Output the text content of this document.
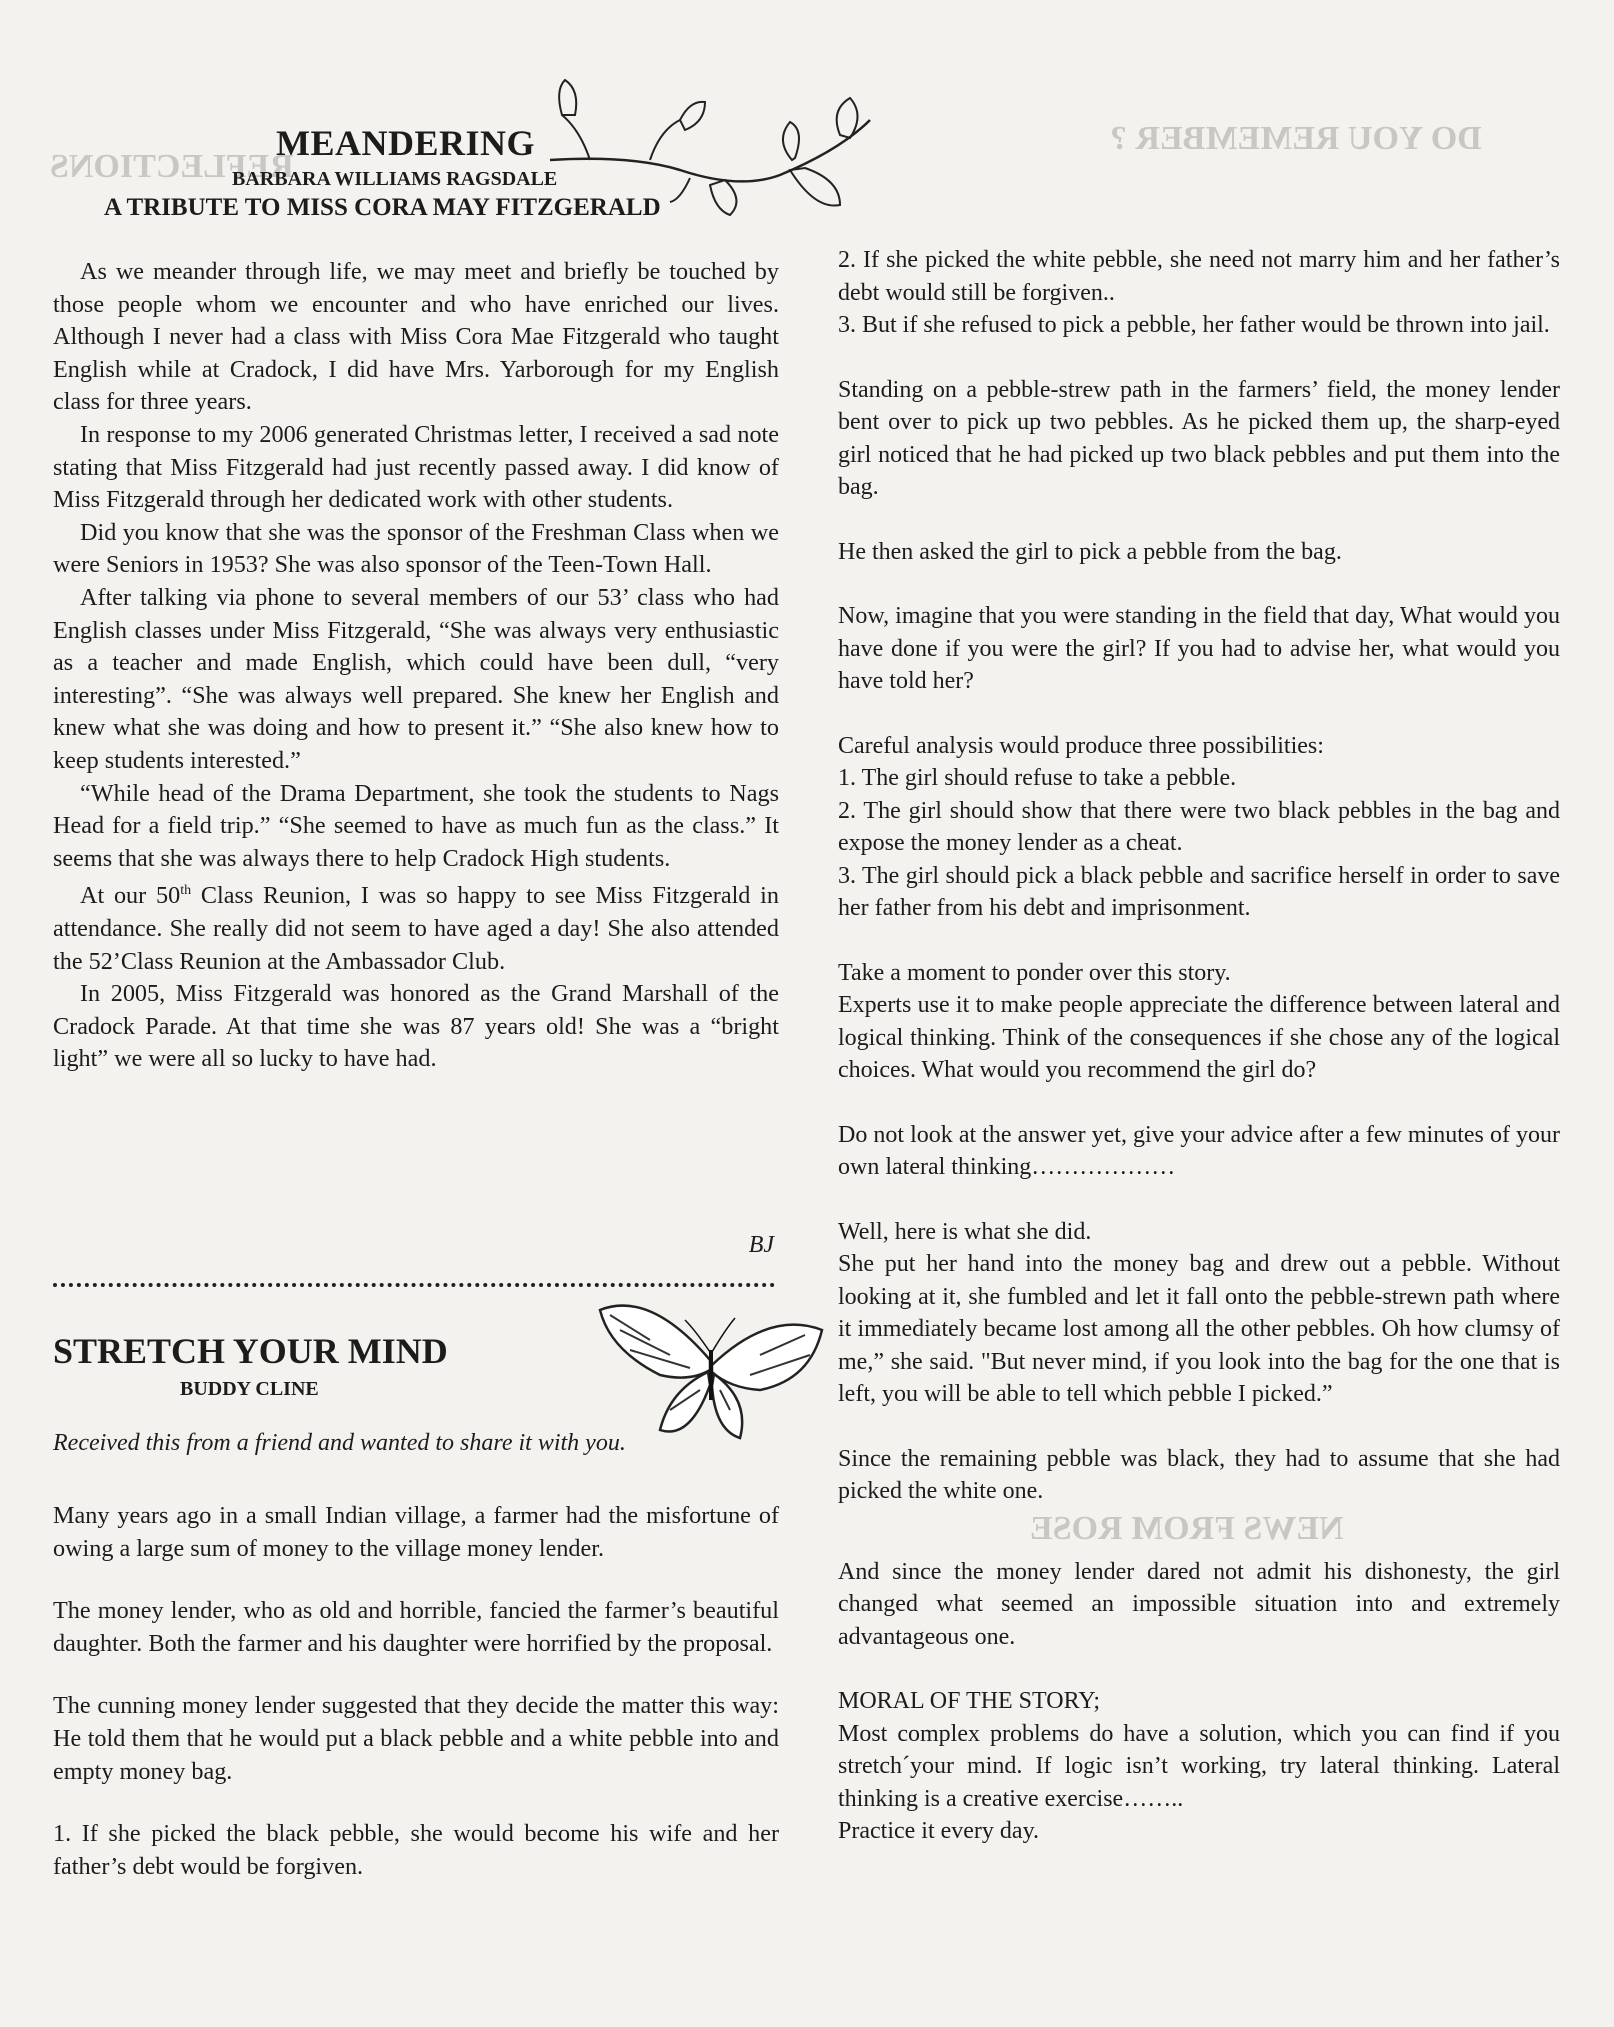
DO YOU REMEMBER ?
REFLECTIONS
NEWS FROM ROSE
MEANDERING
BARBARA WILLIAMS RAGSDALE
A TRIBUTE TO MISS CORA MAY FITZGERALD

As we meander through life, we may meet and briefly be touched by those people whom we encounter and who have enriched our lives. Although I never had a class with Miss Cora Mae Fitzgerald who taught English while at Cradock, I did have Mrs. Yarborough for my English class for three years.

In response to my 2006 generated Christmas letter, I received a sad note stating that Miss Fitzgerald had just recently passed away. I did know of Miss Fitzgerald through her dedicated work with other students.

Did you know that she was the sponsor of the Freshman Class when we were Seniors in 1953? She was also sponsor of the Teen-Town Hall.

After talking via phone to several members of our 53’ class who had English classes under Miss Fitzgerald, “She was always very enthusiastic as a teacher and made English, which could have been dull, “very interesting”. “She was always well prepared. She knew her English and knew what she was doing and how to present it.” “She also knew how to keep students interested.”

“While head of the Drama Department, she took the students to Nags Head for a field trip.” “She seemed to have as much fun as the class.” It seems that she was always there to help Cradock High students.

At our 50th Class Reunion, I was so happy to see Miss Fitzgerald in attendance. She really did not seem to have aged a day! She also attended the 52’Class Reunion at the Ambassador Club.

In 2005, Miss Fitzgerald was honored as the Grand Marshall of the Cradock Parade. At that time she was 87 years old! She was a “bright light” we were all so lucky to have had.

BJ
STRETCH YOUR MIND
BUDDY CLINE
Received this from a friend and wanted to share it with you.

Many years ago in a small Indian village, a farmer had the misfortune of owing a large sum of money to the village money lender.

The money lender, who as old and horrible, fancied the farmer’s beautiful daughter. Both the farmer and his daughter were horrified by the proposal.

The cunning money lender suggested that they decide the matter this way: He told them that he would put a black pebble and a white pebble into and empty money bag.

1. If she picked the black pebble, she would become his wife and her father’s debt would be forgiven.

2. If she picked the white pebble, she need not marry him and her father’s debt would still be forgiven..

3. But if she refused to pick a pebble, her father would be thrown into jail.

Standing on a pebble-strew path in the farmers’ field, the money lender bent over to pick up two pebbles. As he picked them up, the sharp-eyed girl noticed that he had picked up two black pebbles and put them into the bag.

He then asked the girl to pick a pebble from the bag.

Now, imagine that you were standing in the field that day, What would you have done if you were the girl? If you had to advise her, what would you have told her?

Careful analysis would produce three possibilities:

1. The girl should refuse to take a pebble.

2. The girl should show that there were two black pebbles in the bag and expose the money lender as a cheat.

3. The girl should pick a black pebble and sacrifice herself in order to save her father from his debt and imprisonment.

Take a moment to ponder over this story.

Experts use it to make people appreciate the difference between lateral and logical thinking. Think of the consequences if she chose any of the logical choices. What would you recommend the girl do?

Do not look at the answer yet, give your advice after a few minutes of your own lateral thinking………………

Well, here is what she did.

She put her hand into the money bag and drew out a pebble. Without looking at it, she fumbled and let it fall onto the pebble-strewn path where it immediately became lost among all the other pebbles. Oh how clumsy of me,” she said. "But never mind, if you look into the bag for the one that is left, you will be able to tell which pebble I picked.”

Since the remaining pebble was black, they had to assume that she had picked the white one.

And since the money lender dared not admit his dishonesty, the girl changed what seemed an impossible situation into and extremely advantageous one.

MORAL OF THE STORY;

Most complex problems do have a solution, which you can find if you stretch´your mind. If logic isn’t working, try lateral thinking. Lateral thinking is a creative exercise……..

Practice it every day.
